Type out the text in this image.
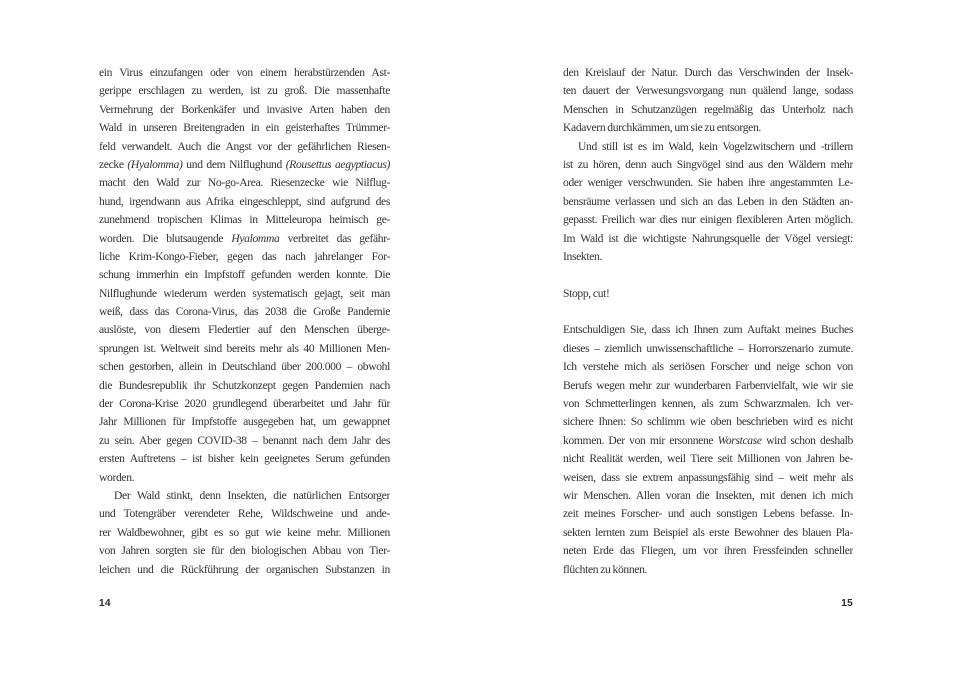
ein Virus einzufangen oder von einem herabstürzenden Ast-
gerippe erschlagen zu werden, ist zu groß. Die massenhafte
Vermehrung der Borkenkäfer und invasive Arten haben den
Wald in unseren Breitengraden in ein geisterhaftes Trümmer-
feld verwandelt. Auch die Angst vor der gefährlichen Riesen-
zecke (Hyalomma) und dem Nilflughund (Rousettus aegyptiacus)
macht den Wald zur No-go-Area. Riesenzecke wie Nilflug-
hund, irgendwann aus Afrika eingeschleppt, sind aufgrund des
zunehmend tropischen Klimas in Mitteleuropa heimisch ge-
worden. Die blutsaugende Hyalomma verbreitet das gefähr-
liche Krim-Kongo-Fieber, gegen das nach jahrelanger For-
schung immerhin ein Impfstoff gefunden werden konnte. Die
Nilflughunde wiederum werden systematisch gejagt, seit man
weiß, dass das Corona-Virus, das 2038 die Große Pandemie
auslöste, von diesem Fledertier auf den Menschen überge-
sprungen ist. Weltweit sind bereits mehr als 40 Millionen Men-
schen gestorben, allein in Deutschland über 200.000 – obwohl
die Bundesrepublik ihr Schutzkonzept gegen Pandemien nach
der Corona-Krise 2020 grundlegend überarbeitet und Jahr für
Jahr Millionen für Impfstoffe ausgegeben hat, um gewappnet
zu sein. Aber gegen COVID-38 – benannt nach dem Jahr des
ersten Auftretens – ist bisher kein geeignetes Serum gefunden
worden.
Der Wald stinkt, denn Insekten, die natürlichen Entsorger
und Totengräber verendeter Rehe, Wildschweine und ande-
rer Waldbewohner, gibt es so gut wie keine mehr. Millionen
von Jahren sorgten sie für den biologischen Abbau von Tier-
leichen und die Rückführung der organischen Substanzen in
den Kreislauf der Natur. Durch das Verschwinden der Insek-
ten dauert der Verwesungsvorgang nun quälend lange, sodass
Menschen in Schutzanzügen regelmäßig das Unterholz nach
Kadavern durchkämmen, um sie zu entsorgen.
Und still ist es im Wald, kein Vogelzwitschern und -trillern
ist zu hören, denn auch Singvögel sind aus den Wäldern mehr
oder weniger verschwunden. Sie haben ihre angestammten Le-
bensräume verlassen und sich an das Leben in den Städten an-
gepasst. Freilich war dies nur einigen flexibleren Arten möglich.
Im Wald ist die wichtigste Nahrungsquelle der Vögel versiegt:
Insekten.
Stopp, cut!
Entschuldigen Sie, dass ich Ihnen zum Auftakt meines Buches
dieses – ziemlich unwissenschaftliche – Horrorszenario zumute.
Ich verstehe mich als seriösen Forscher und neige schon von
Berufs wegen mehr zur wunderbaren Farbenvielfalt, wie wir sie
von Schmetterlingen kennen, als zum Schwarzmalen. Ich ver-
sichere Ihnen: So schlimm wie oben beschrieben wird es nicht
kommen. Der von mir ersonnene Worstcase wird schon deshalb
nicht Realität werden, weil Tiere seit Millionen von Jahren be-
weisen, dass sie extrem anpassungsfähig sind – weit mehr als
wir Menschen. Allen voran die Insekten, mit denen ich mich
zeit meines Forscher- und auch sonstigen Lebens befasse. In-
sekten lernten zum Beispiel als erste Bewohner des blauen Pla-
neten Erde das Fliegen, um vor ihren Fressfeinden schneller
flüchten zu können.
14	15
